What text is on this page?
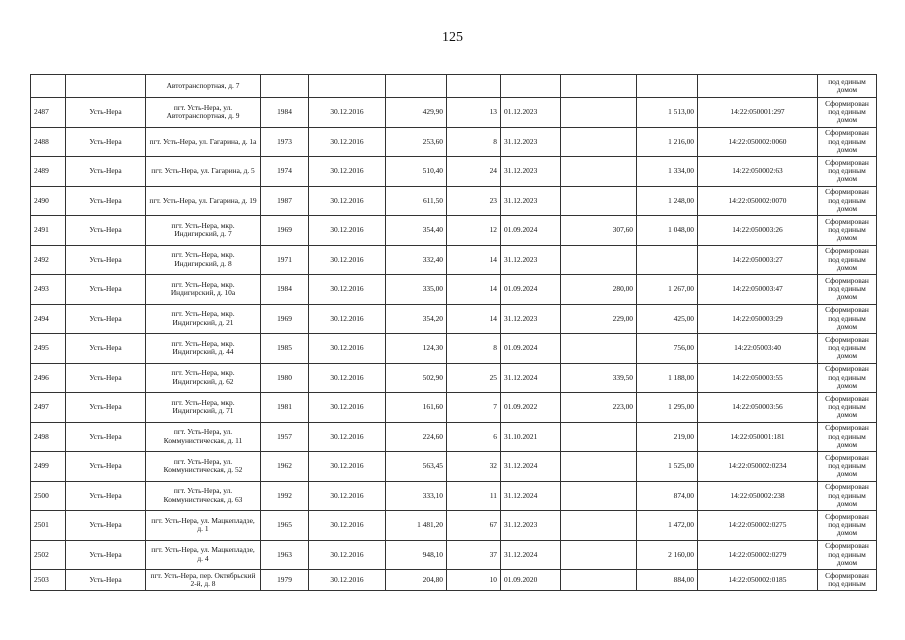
125
		Автотранспортная, д. 7									под единым домом
2487	Усть-Нера	пгт. Усть-Нера, ул. Автотранспортная, д. 9	1984	30.12.2016	429,90	13	01.12.2023		1 513,00	14:22:050001:297	Сформирован под единым домом
2488	Усть-Нера	пгт. Усть-Нера, ул. Гагарина, д. 1а	1973	30.12.2016	253,60	8	31.12.2023		1 216,00	14:22:050002:0060	Сформирован под единым домом
2489	Усть-Нера	пгт. Усть-Нера, ул. Гагарина, д. 5	1974	30.12.2016	510,40	24	31.12.2023		1 334,00	14:22:050002:63	Сформирован под единым домом
2490	Усть-Нера	пгт. Усть-Нера, ул. Гагарина, д. 19	1987	30.12.2016	611,50	23	31.12.2023		1 248,00	14:22:050002:0070	Сформирован под единым домом
2491	Усть-Нера	пгт. Усть-Нера, мкр. Индигирский, д. 7	1969	30.12.2016	354,40	12	01.09.2024	307,60	1 048,00	14:22:050003:26	Сформирован под единым домом
2492	Усть-Нера	пгт. Усть-Нера, мкр. Индигирский, д. 8	1971	30.12.2016	332,40	14	31.12.2023			14:22:050003:27	Сформирован под единым домом
2493	Усть-Нера	пгт. Усть-Нера, мкр. Индигирский, д. 10а	1984	30.12.2016	335,00	14	01.09.2024	280,00	1 267,00	14:22:050003:47	Сформирован под единым домом
2494	Усть-Нера	пгт. Усть-Нера, мкр. Индигирский, д. 21	1969	30.12.2016	354,20	14	31.12.2023	229,00	425,00	14:22:050003:29	Сформирован под единым домом
2495	Усть-Нера	пгт. Усть-Нера, мкр. Индигирский, д. 44	1985	30.12.2016	124,30	8	01.09.2024		756,00	14:22:05003:40	Сформирован под единым домом
2496	Усть-Нера	пгт. Усть-Нера, мкр. Индигирский, д. 62	1980	30.12.2016	502,90	25	31.12.2024	339,50	1 188,00	14:22:050003:55	Сформирован под единым домом
2497	Усть-Нера	пгт. Усть-Нера, мкр. Индигирский, д. 71	1981	30.12.2016	161,60	7	01.09.2022	223,00	1 295,00	14:22:050003:56	Сформирован под единым домом
2498	Усть-Нера	пгт. Усть-Нера, ул. Коммунистическая, д. 11	1957	30.12.2016	224,60	6	31.10.2021		219,00	14:22:050001:181	Сформирован под единым домом
2499	Усть-Нера	пгт. Усть-Нера, ул. Коммунистическая, д. 52	1962	30.12.2016	563,45	32	31.12.2024		1 525,00	14:22:050002:0234	Сформирован под единым домом
2500	Усть-Нера	пгт. Усть-Нера, ул. Коммунистическая, д. 63	1992	30.12.2016	333,10	11	31.12.2024		874,00	14:22:050002:238	Сформирован под единым домом
2501	Усть-Нера	пгт. Усть-Нера, ул. Мацкепладзе, д. 1	1965	30.12.2016	1 481,20	67	31.12.2023		1 472,00	14:22:050002:0275	Сформирован под единым домом
2502	Усть-Нера	пгт. Усть-Нера, ул. Мацкепладзе, д. 4	1963	30.12.2016	948,10	37	31.12.2024		2 160,00	14:22:050002:0279	Сформирован под единым домом
2503	Усть-Нера	пгт. Усть-Нера, пер. Октябрьский 2-й, д. 8	1979	30.12.2016	204,80	10	01.09.2020		884,00	14:22:050002:0185	Сформирован под единым
